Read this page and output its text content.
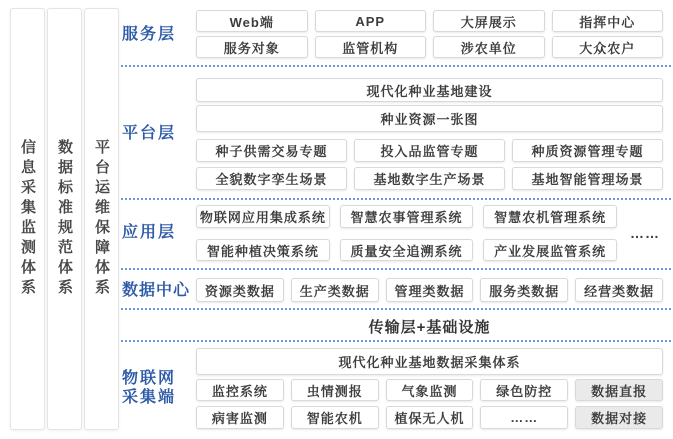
信息采集监测体系 数据标准规范体系 平台运维保障体系
服务层
Web端	APP	大屏展示	指挥中心
服务对象	监管机构	涉农单位	大众农户
平台层
现代化种业基地建设
种业资源一张图
种子供需交易专题	投入品监管专题	种质资源管理专题
全貌数字孪生场景	基地数字生产场景	基地智能管理场景
应用层
物联网应用集成系统	智慧农事管理系统	智慧农机管理系统
智能种植决策系统	质量安全追溯系统	产业发展监管系统
……
数据中心	资源类数据	生产类数据	管理类数据	服务类数据	经营类数据
传输层+基础设施
物联网
采集端
现代化种业基地数据采集体系
监控系统	虫情测报	气象监测	绿色防控	数据直报
病害监测	智能农机	植保无人机	……	数据对接
